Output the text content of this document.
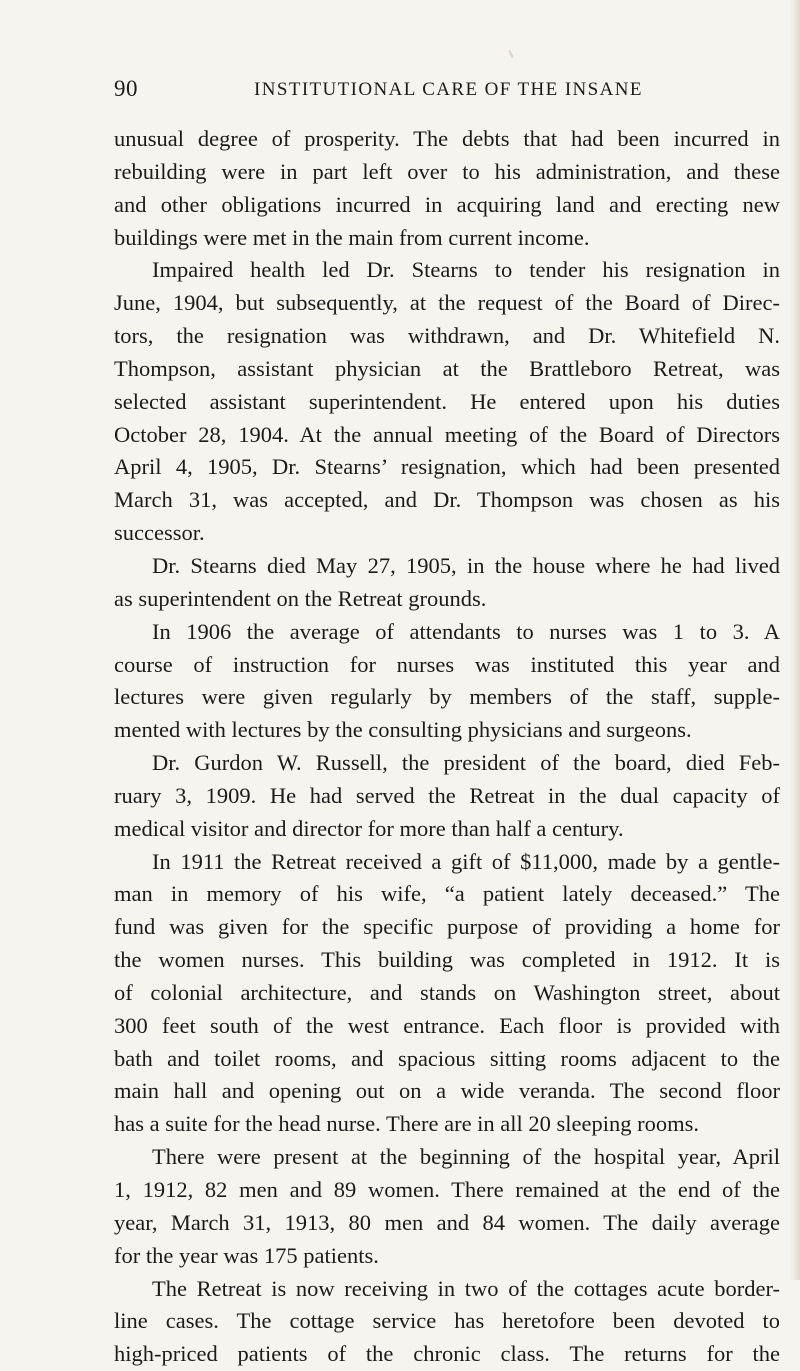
90	INSTITUTIONAL CARE OF THE INSANE
unusual degree of prosperity. The debts that had been incurred in
rebuilding were in part left over to his administration, and these
and other obligations incurred in acquiring land and erecting new
buildings were met in the main from current income.
Impaired health led Dr. Stearns to tender his resignation in
June, 1904, but subsequently, at the request of the Board of Direc-
tors, the resignation was withdrawn, and Dr. Whitefield N.
Thompson, assistant physician at the Brattleboro Retreat, was
selected assistant superintendent. He entered upon his duties
October 28, 1904. At the annual meeting of the Board of Directors
April 4, 1905, Dr. Stearns’ resignation, which had been presented
March 31, was accepted, and Dr. Thompson was chosen as his
successor.
Dr. Stearns died May 27, 1905, in the house where he had lived
as superintendent on the Retreat grounds.
In 1906 the average of attendants to nurses was 1 to 3. A
course of instruction for nurses was instituted this year and
lectures were given regularly by members of the staff, supple-
mented with lectures by the consulting physicians and surgeons.
Dr. Gurdon W. Russell, the president of the board, died Feb-
ruary 3, 1909. He had served the Retreat in the dual capacity of
medical visitor and director for more than half a century.
In 1911 the Retreat received a gift of $11,000, made by a gentle-
man in memory of his wife, “a patient lately deceased.” The
fund was given for the specific purpose of providing a home for
the women nurses. This building was completed in 1912. It is
of colonial architecture, and stands on Washington street, about
300 feet south of the west entrance. Each floor is provided with
bath and toilet rooms, and spacious sitting rooms adjacent to the
main hall and opening out on a wide veranda. The second floor
has a suite for the head nurse. There are in all 20 sleeping rooms.
There were present at the beginning of the hospital year, April
1, 1912, 82 men and 89 women. There remained at the end of the
year, March 31, 1913, 80 men and 84 women. The daily average
for the year was 175 patients.
The Retreat is now receiving in two of the cottages acute border-
line cases. The cottage service has heretofore been devoted to
high-priced patients of the chronic class. The returns for the
